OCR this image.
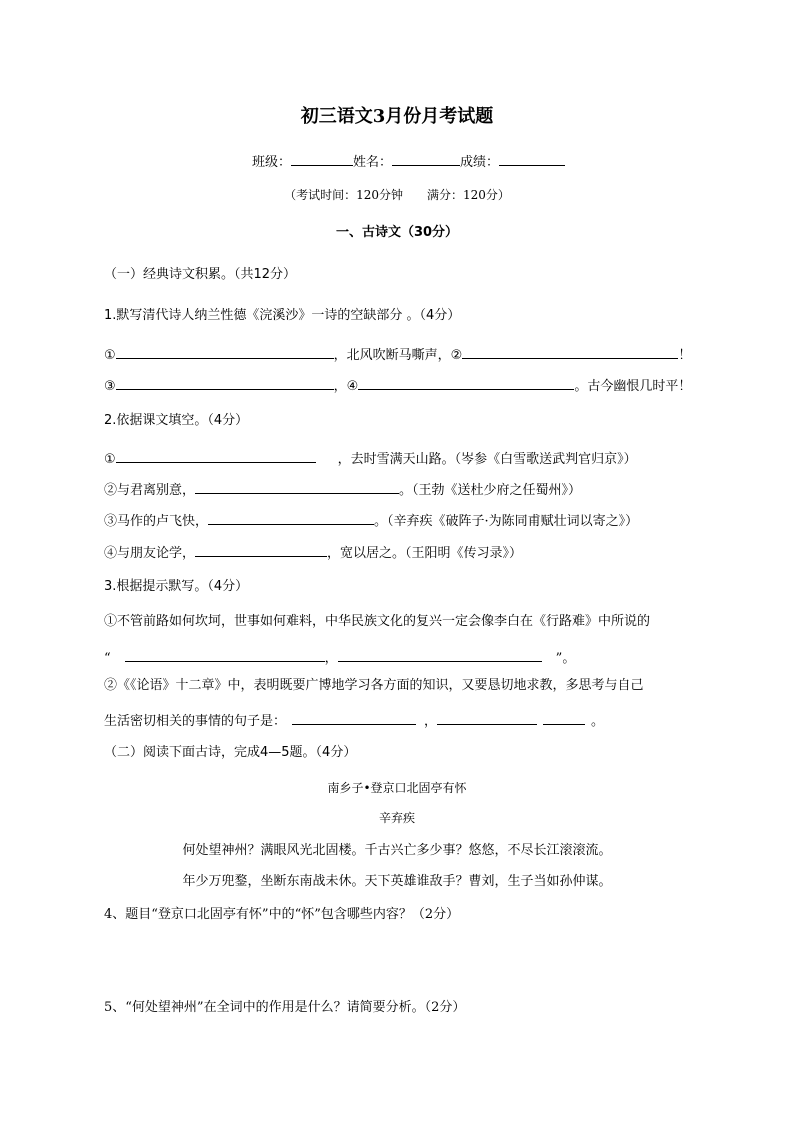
初三语文3月份月考试题
班级：	姓名：	成绩：
（考试时间：120分钟　　满分：120分）
一、古诗文（30分）
（一）经典诗文积累。（共12分）
1.默写清代诗人纳兰性德《浣溪沙》一诗的空缺部分 。（4分）
①	，北风吹断马嘶声，②	！
③	，④	。古今幽恨几时平！
2.依据课文填空。（4分）
①	，去时雪满天山路。（岑参《白雪歌送武判官归京》）
②与君离别意，	。（王勃《送杜少府之任蜀州》）
③马作的卢飞快，	。（辛弃疾《破阵子·为陈同甫赋壮词以寄之》）
④与朋友论学，	，宽以居之。（王阳明《传习录》）
3.根据提示默写。（4分）
①不管前路如何坎坷，世事如何难料，中华民族文化的复兴一定会像李白在《行路难》中所说的
“	，	”。
②《《论语》十二章》中，表明既要广博地学习各方面的知识，又要恳切地求教，多思考与自己
生活密切相关的事情的句子是：	，	。
（二）阅读下面古诗，完成4—5题。（4分）
南乡子•登京口北固亭有怀
辛弃疾
何处望神州？满眼风光北固楼。千古兴亡多少事？悠悠，不尽长江滚滚流。
年少万兜鍪，坐断东南战未休。天下英雄谁敌手？曹刘，生子当如孙仲谋。
4、题目“登京口北固亭有怀”中的“怀”包含哪些内容？（2分）
5、“何处望神州”在全词中的作用是什么？请简要分析。（2分）
